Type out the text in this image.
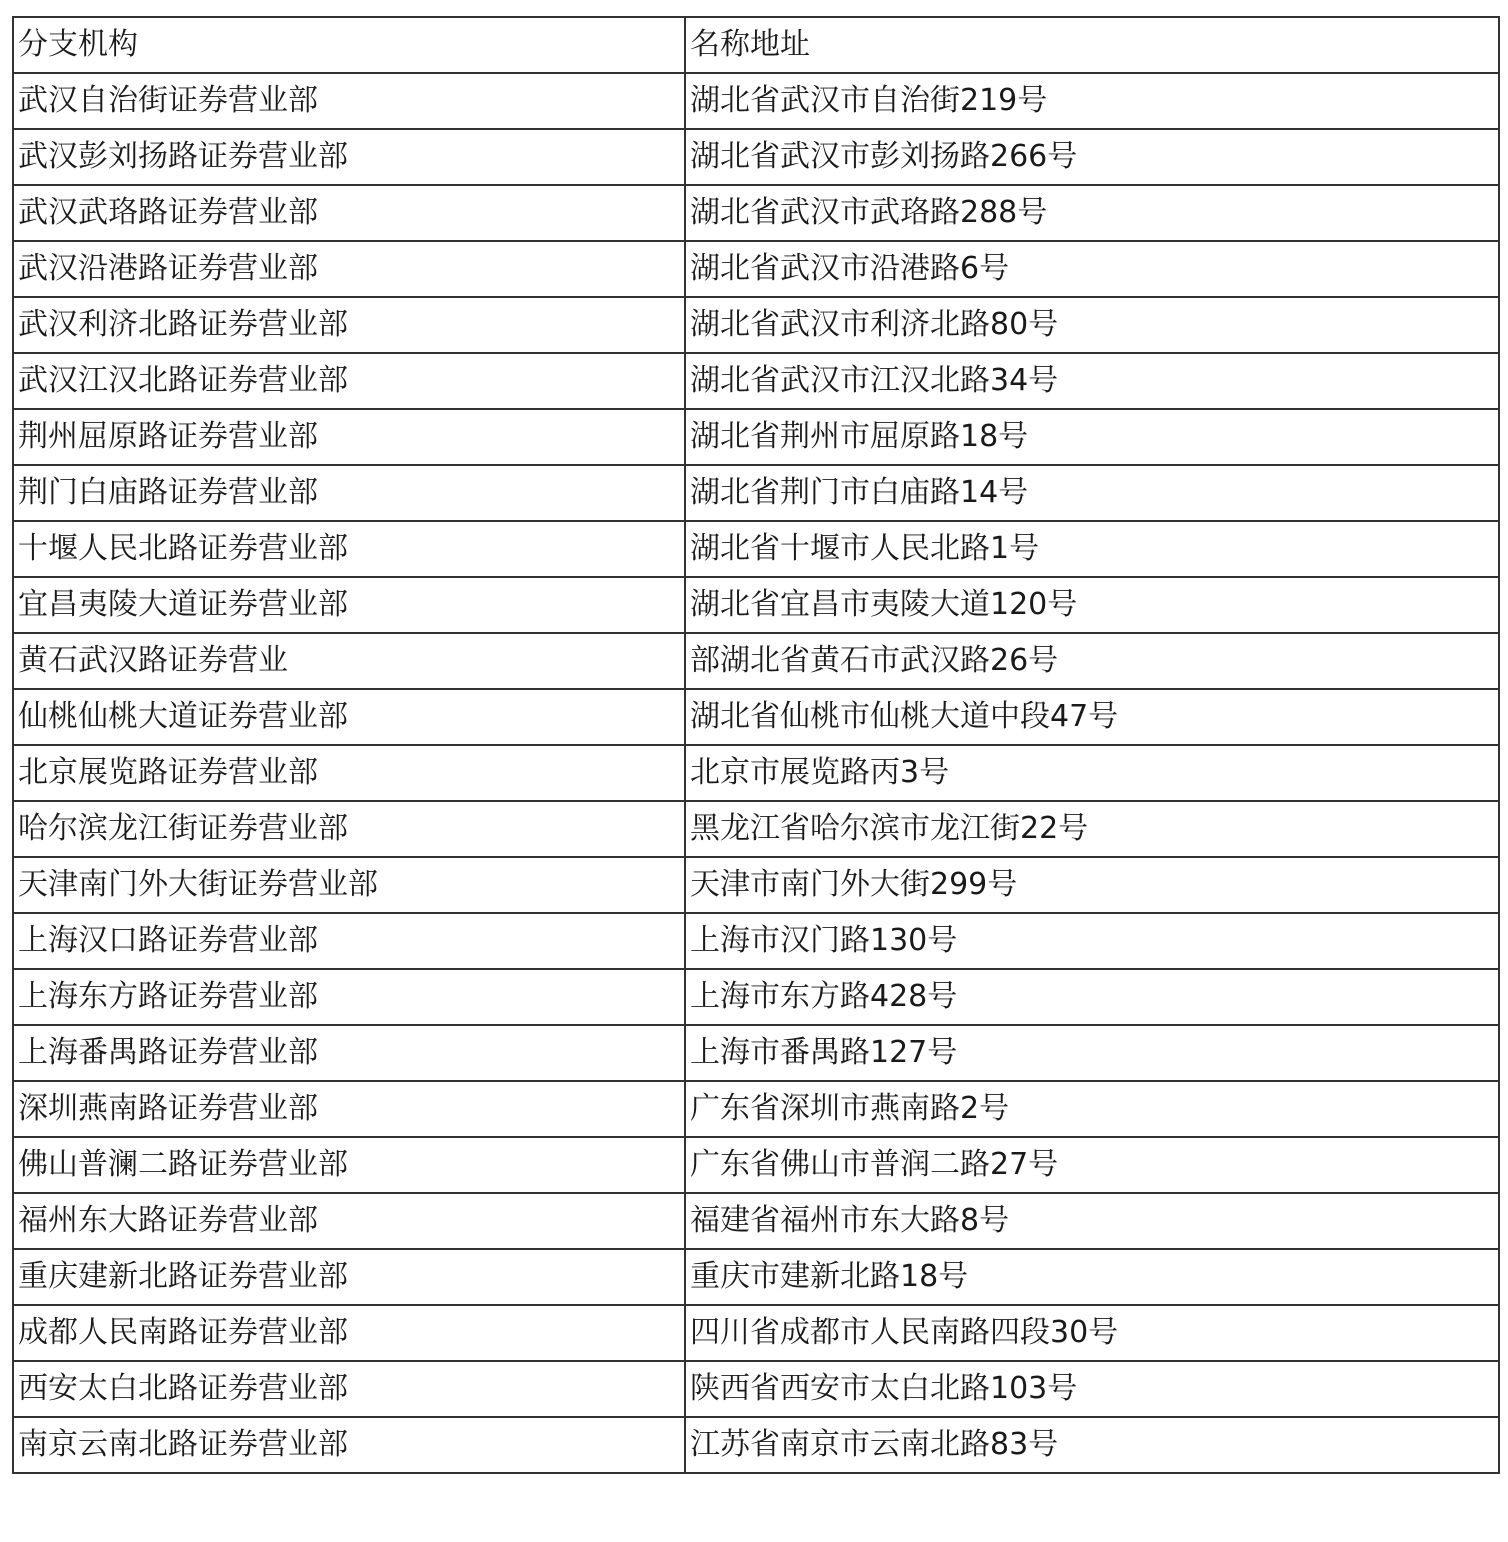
分支机构	名称地址
武汉自治街证券营业部	湖北省武汉市自治街219号
武汉彭刘扬路证券营业部	湖北省武汉市彭刘扬路266号
武汉武珞路证券营业部	湖北省武汉市武珞路288号
武汉沿港路证券营业部	湖北省武汉市沿港路6号
武汉利济北路证券营业部	湖北省武汉市利济北路80号
武汉江汉北路证券营业部	湖北省武汉市江汉北路34号
荆州屈原路证券营业部	湖北省荆州市屈原路18号
荆门白庙路证券营业部	湖北省荆门市白庙路14号
十堰人民北路证券营业部	湖北省十堰市人民北路1号
宜昌夷陵大道证券营业部	湖北省宜昌市夷陵大道120号
黄石武汉路证券营业	部湖北省黄石市武汉路26号
仙桃仙桃大道证券营业部	湖北省仙桃市仙桃大道中段47号
北京展览路证券营业部	北京市展览路丙3号
哈尔滨龙江街证券营业部	黑龙江省哈尔滨市龙江街22号
天津南门外大街证券营业部	天津市南门外大街299号
上海汉口路证券营业部	上海市汉门路130号
上海东方路证券营业部	上海市东方路428号
上海番禺路证券营业部	上海市番禺路127号
深圳燕南路证券营业部	广东省深圳市燕南路2号
佛山普澜二路证券营业部	广东省佛山市普润二路27号
福州东大路证券营业部	福建省福州市东大路8号
重庆建新北路证券营业部	重庆市建新北路18号
成都人民南路证券营业部	四川省成都市人民南路四段30号
西安太白北路证券营业部	陕西省西安市太白北路103号
南京云南北路证券营业部	江苏省南京市云南北路83号
